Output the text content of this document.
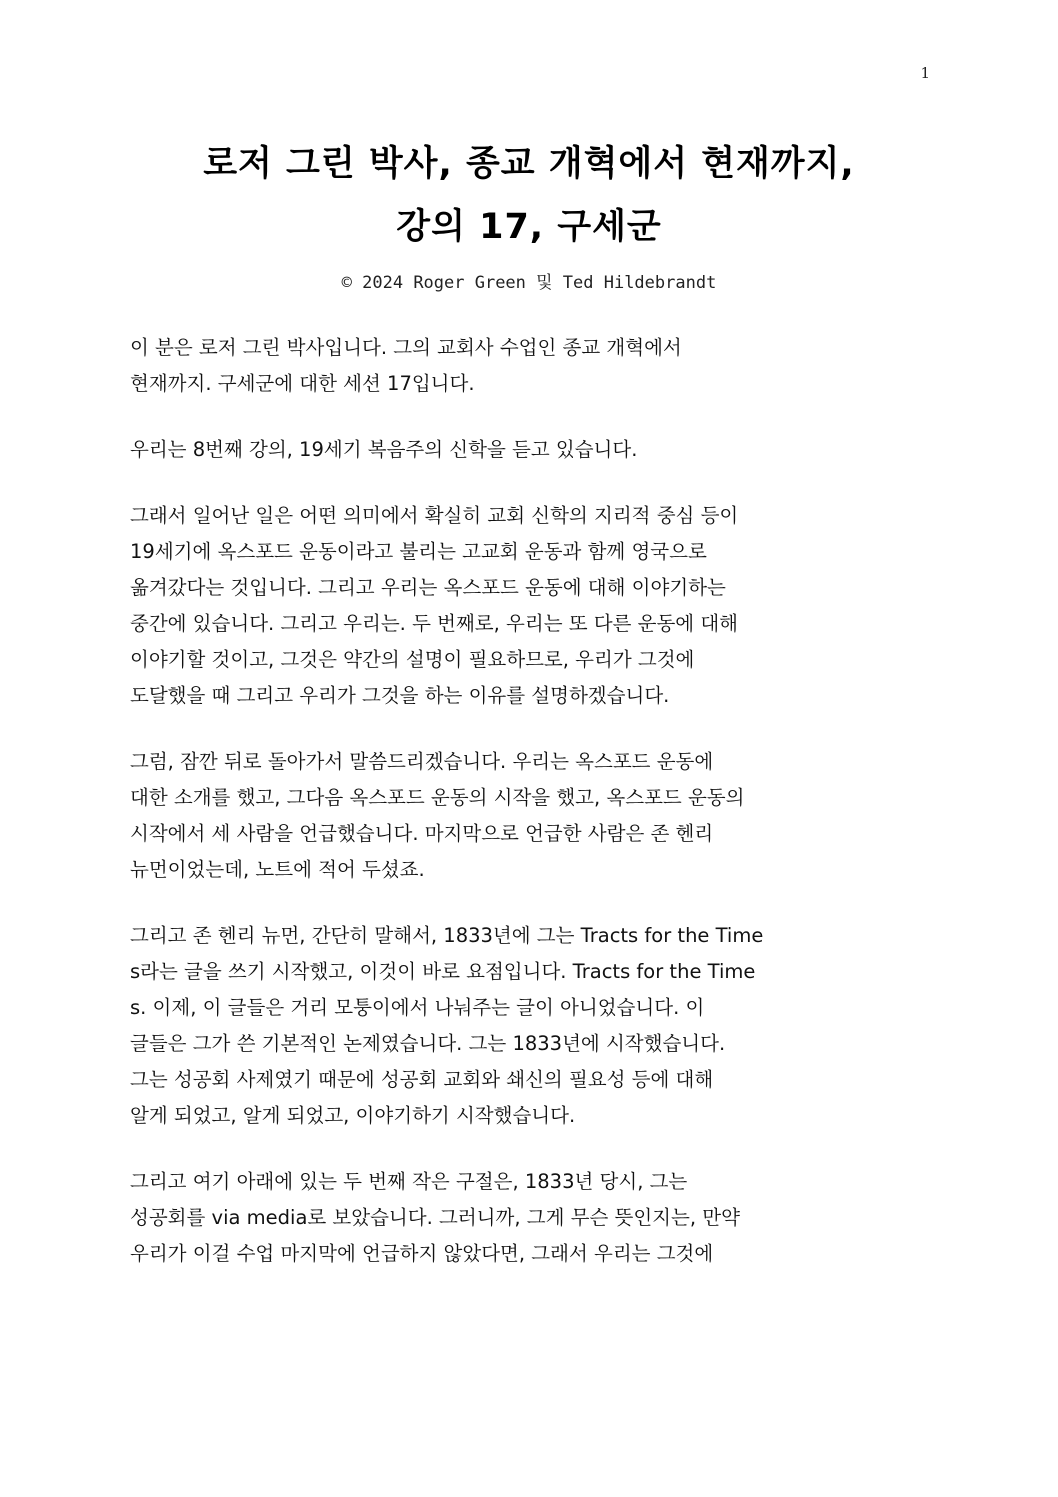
1
로저 그린 박사, 종교 개혁에서 현재까지,
강의 17, 구세군
© 2024 Roger Green 및 Ted Hildebrandt

이 분은 로저 그린 박사입니다. 그의 교회사 수업인 종교 개혁에서
현재까지. 구세군에 대한 세션 17입니다.

우리는 8번째 강의, 19세기 복음주의 신학을 듣고 있습니다.

그래서 일어난 일은 어떤 의미에서 확실히 교회 신학의 지리적 중심 등이
19세기에 옥스포드 운동이라고 불리는 고교회 운동과 함께 영국으로
옮겨갔다는 것입니다. 그리고 우리는 옥스포드 운동에 대해 이야기하는
중간에 있습니다. 그리고 우리는. 두 번째로, 우리는 또 다른 운동에 대해
이야기할 것이고, 그것은 약간의 설명이 필요하므로, 우리가 그것에
도달했을 때 그리고 우리가 그것을 하는 이유를 설명하겠습니다.

그럼, 잠깐 뒤로 돌아가서 말씀드리겠습니다. 우리는 옥스포드 운동에
대한 소개를 했고, 그다음 옥스포드 운동의 시작을 했고, 옥스포드 운동의
시작에서 세 사람을 언급했습니다. 마지막으로 언급한 사람은 존 헨리
뉴먼이었는데, 노트에 적어 두셨죠.

그리고 존 헨리 뉴먼, 간단히 말해서, 1833년에 그는 Tracts for the Time
s라는 글을 쓰기 시작했고, 이것이 바로 요점입니다. Tracts for the Time
s. 이제, 이 글들은 거리 모퉁이에서 나눠주는 글이 아니었습니다. 이
글들은 그가 쓴 기본적인 논제였습니다. 그는 1833년에 시작했습니다.
그는 성공회 사제였기 때문에 성공회 교회와 쇄신의 필요성 등에 대해
알게 되었고, 알게 되었고, 이야기하기 시작했습니다.

그리고 여기 아래에 있는 두 번째 작은 구절은, 1833년 당시, 그는
성공회를 via media로 보았습니다. 그러니까, 그게 무슨 뜻인지는, 만약
우리가 이걸 수업 마지막에 언급하지 않았다면, 그래서 우리는 그것에
